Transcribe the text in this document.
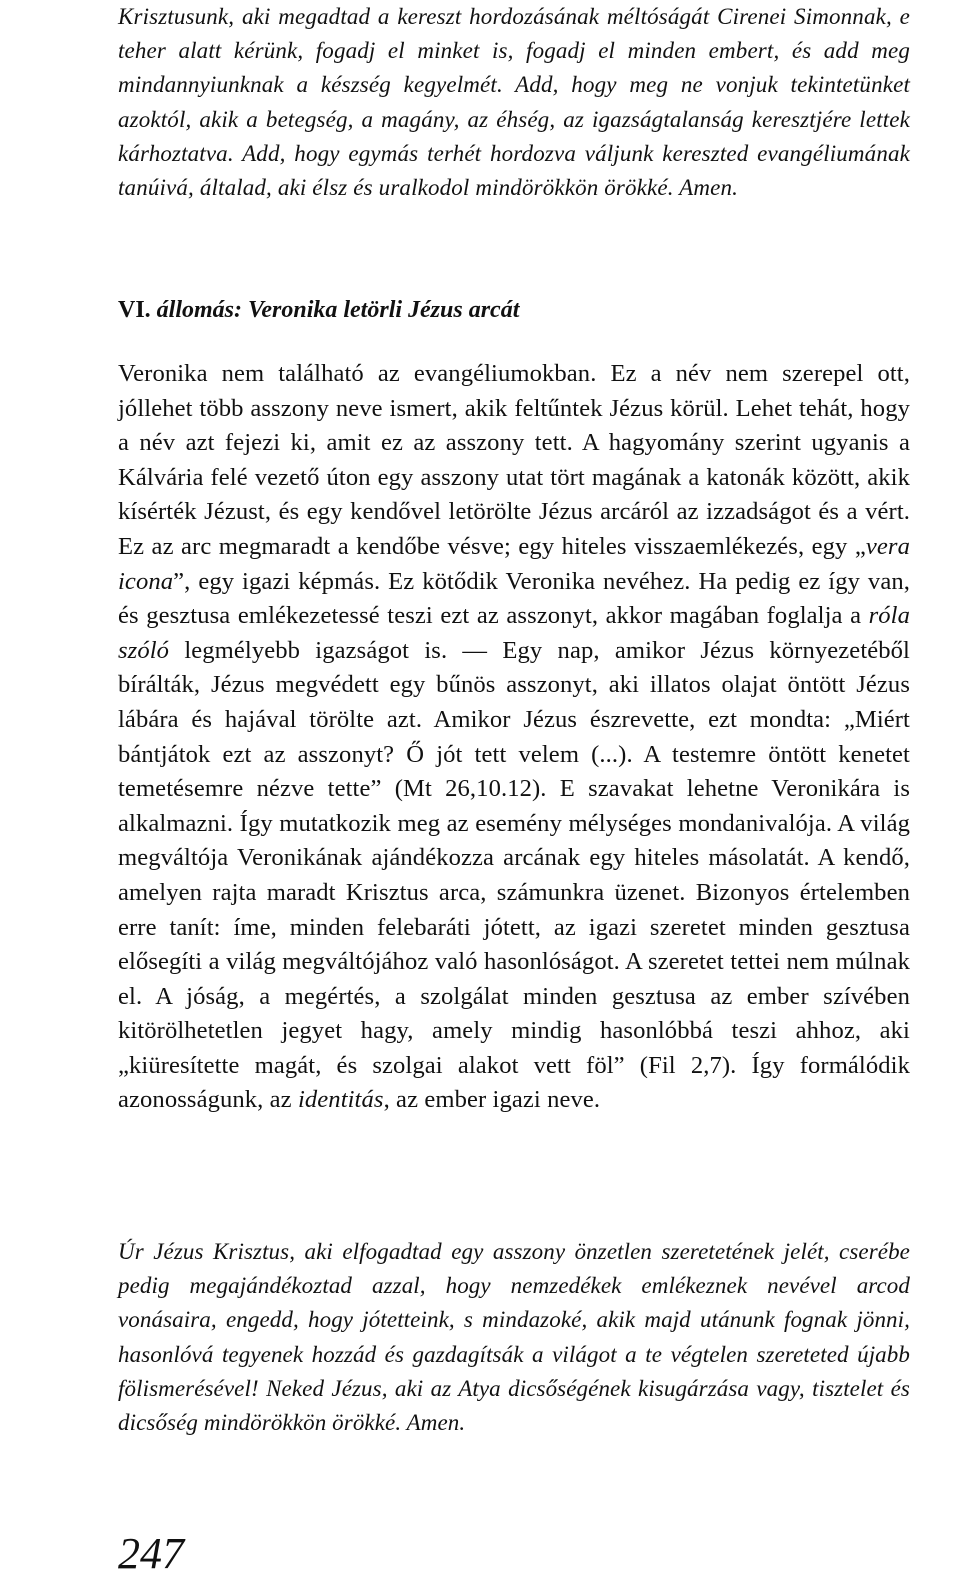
Krisztusunk, aki megadtad a kereszt hordozásának méltóságát Cirenei Simonnak, e teher alatt kérünk, fogadj el minket is, fogadj el minden embert, és add meg mindannyiunknak a készség kegyelmét. Add, hogy meg ne vonjuk tekintetünket azoktól, akik a betegség, a magány, az éhség, az igazságtalanság keresztjére lettek kárhoztatva. Add, hogy egymás terhét hordozva váljunk kereszted evangéliumának tanúivá, általad, aki élsz és uralkodol mindörökkön örökké. Amen.

VI. állomás: Veronika letörli Jézus arcát

Veronika nem található az evangéliumokban. Ez a név nem szerepel ott, jóllehet több asszony neve ismert, akik feltűntek Jézus körül. Lehet tehát, hogy a név azt fejezi ki, amit ez az asszony tett. A hagyomány szerint ugyanis a Kálvária felé vezető úton egy asszony utat tört magának a katonák között, akik kísérték Jézust, és egy kendővel letörölte Jézus arcáról az izzadságot és a vért. Ez az arc megmaradt a kendőbe vésve; egy hiteles visszaemlékezés, egy „vera icona”, egy igazi képmás. Ez kötődik Veronika nevéhez. Ha pedig ez így van, és gesztusa emlékezetessé teszi ezt az asszonyt, akkor magában foglalja a róla szóló legmélyebb igazságot is. — Egy nap, amikor Jézus környezetéből bírálták, Jézus megvédett egy bűnös asszonyt, aki illatos olajat öntött Jézus lábára és hajával törölte azt. Amikor Jézus észrevette, ezt mondta: „Miért bántjátok ezt az asszonyt? Ő jót tett velem (...). A testemre öntött kenetet temetésemre nézve tette” (Mt 26,10.12). E szavakat lehetne Veronikára is alkalmazni. Így mutatkozik meg az esemény mélységes mondanivalója. A világ megváltója Veronikának ajándékozza arcának egy hiteles másolatát. A kendő, amelyen rajta maradt Krisztus arca, számunkra üzenet. Bizonyos értelemben erre tanít: íme, minden felebaráti jótett, az igazi szeretet minden gesztusa elősegíti a világ megváltójához való hasonlóságot. A szeretet tettei nem múlnak el. A jóság, a megértés, a szolgálat minden gesztusa az ember szívében kitörölhetetlen jegyet hagy, amely mindig hasonlóbbá teszi ahhoz, aki „kiüresítette magát, és szolgai alakot vett föl” (Fil 2,7). Így formálódik azonosságunk, az identitás, az ember igazi neve.

Úr Jézus Krisztus, aki elfogadtad egy asszony önzetlen szeretetének jelét, cserébe pedig megajándékoztad azzal, hogy nemzedékek emlékeznek nevével arcod vonásaira, engedd, hogy jótetteink, s mindazoké, akik majd utánunk fognak jönni, hasonlóvá tegyenek hozzád és gazdagítsák a világot a te végtelen szereteted újabb fölismerésével! Neked Jézus, aki az Atya dicsőségének kisugárzása vagy, tisztelet és dicsőség mindörökkön örökké. Amen.

247
